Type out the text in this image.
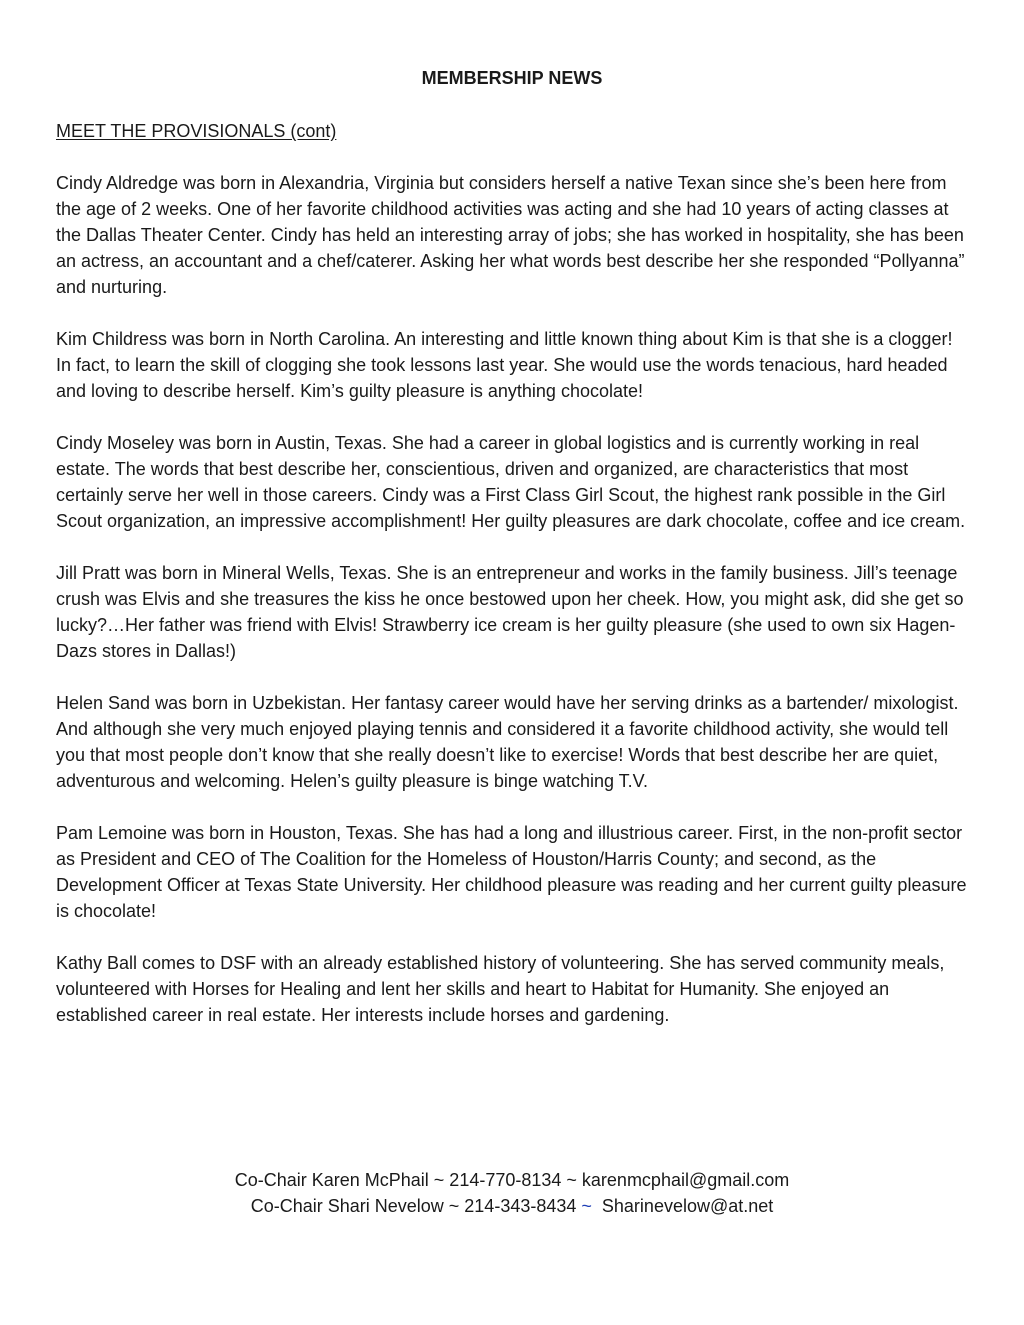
MEMBERSHIP NEWS
MEET THE PROVISIONALS (cont)

Cindy Aldredge was born in Alexandria, Virginia but considers herself a native Texan since she’s been here from the age of 2 weeks. One of her favorite childhood activities was acting and she had 10 years of acting classes at the Dallas Theater Center. Cindy has held an interesting array of jobs; she has worked in hospitality, she has been an actress, an accountant and a chef/caterer. Asking her what words best describe her she responded “Pollyanna” and nurturing.

Kim Childress was born in North Carolina. An interesting and little known thing about Kim is that she is a clogger! In fact, to learn the skill of clogging she took lessons last year. She would use the words tenacious, hard headed and loving to describe herself. Kim’s guilty pleasure is anything chocolate!

Cindy Moseley was born in Austin, Texas. She had a career in global logistics and is currently working in real estate. The words that best describe her, conscientious, driven and organized, are characteristics that most certainly serve her well in those careers. Cindy was a First Class Girl Scout, the highest rank possible in the Girl Scout organization, an impressive accomplishment! Her guilty pleasures are dark chocolate, coffee and ice cream.

Jill Pratt was born in Mineral Wells, Texas. She is an entrepreneur and works in the family business. Jill’s teenage crush was Elvis and she treasures the kiss he once bestowed upon her cheek. How, you might ask, did she get so lucky?…Her father was friend with Elvis! Strawberry ice cream is her guilty pleasure (she used to own six Hagen-Dazs stores in Dallas!)

Helen Sand was born in Uzbekistan. Her fantasy career would have her serving drinks as a bartender/ mixologist. And although she very much enjoyed playing tennis and considered it a favorite childhood activity, she would tell you that most people don’t know that she really doesn’t like to exercise! Words that best describe her are quiet, adventurous and welcoming. Helen’s guilty pleasure is binge watching T.V.

Pam Lemoine was born in Houston, Texas. She has had a long and illustrious career. First, in the non-profit sector as President and CEO of The Coalition for the Homeless of Houston/Harris County; and second, as the Development Officer at Texas State University. Her childhood pleasure was reading and her current guilty pleasure is chocolate!

Kathy Ball comes to DSF with an already established history of volunteering. She has served community meals, volunteered with Horses for Healing and lent her skills and heart to Habitat for Humanity. She enjoyed an established career in real estate. Her interests include horses and gardening.

Co-Chair Karen McPhail ~ 214-770-8134 ~ karenmcphail@gmail.com
Co-Chair Shari Nevelow ~ 214-343-8434 ~  Sharinevelow@at.net
